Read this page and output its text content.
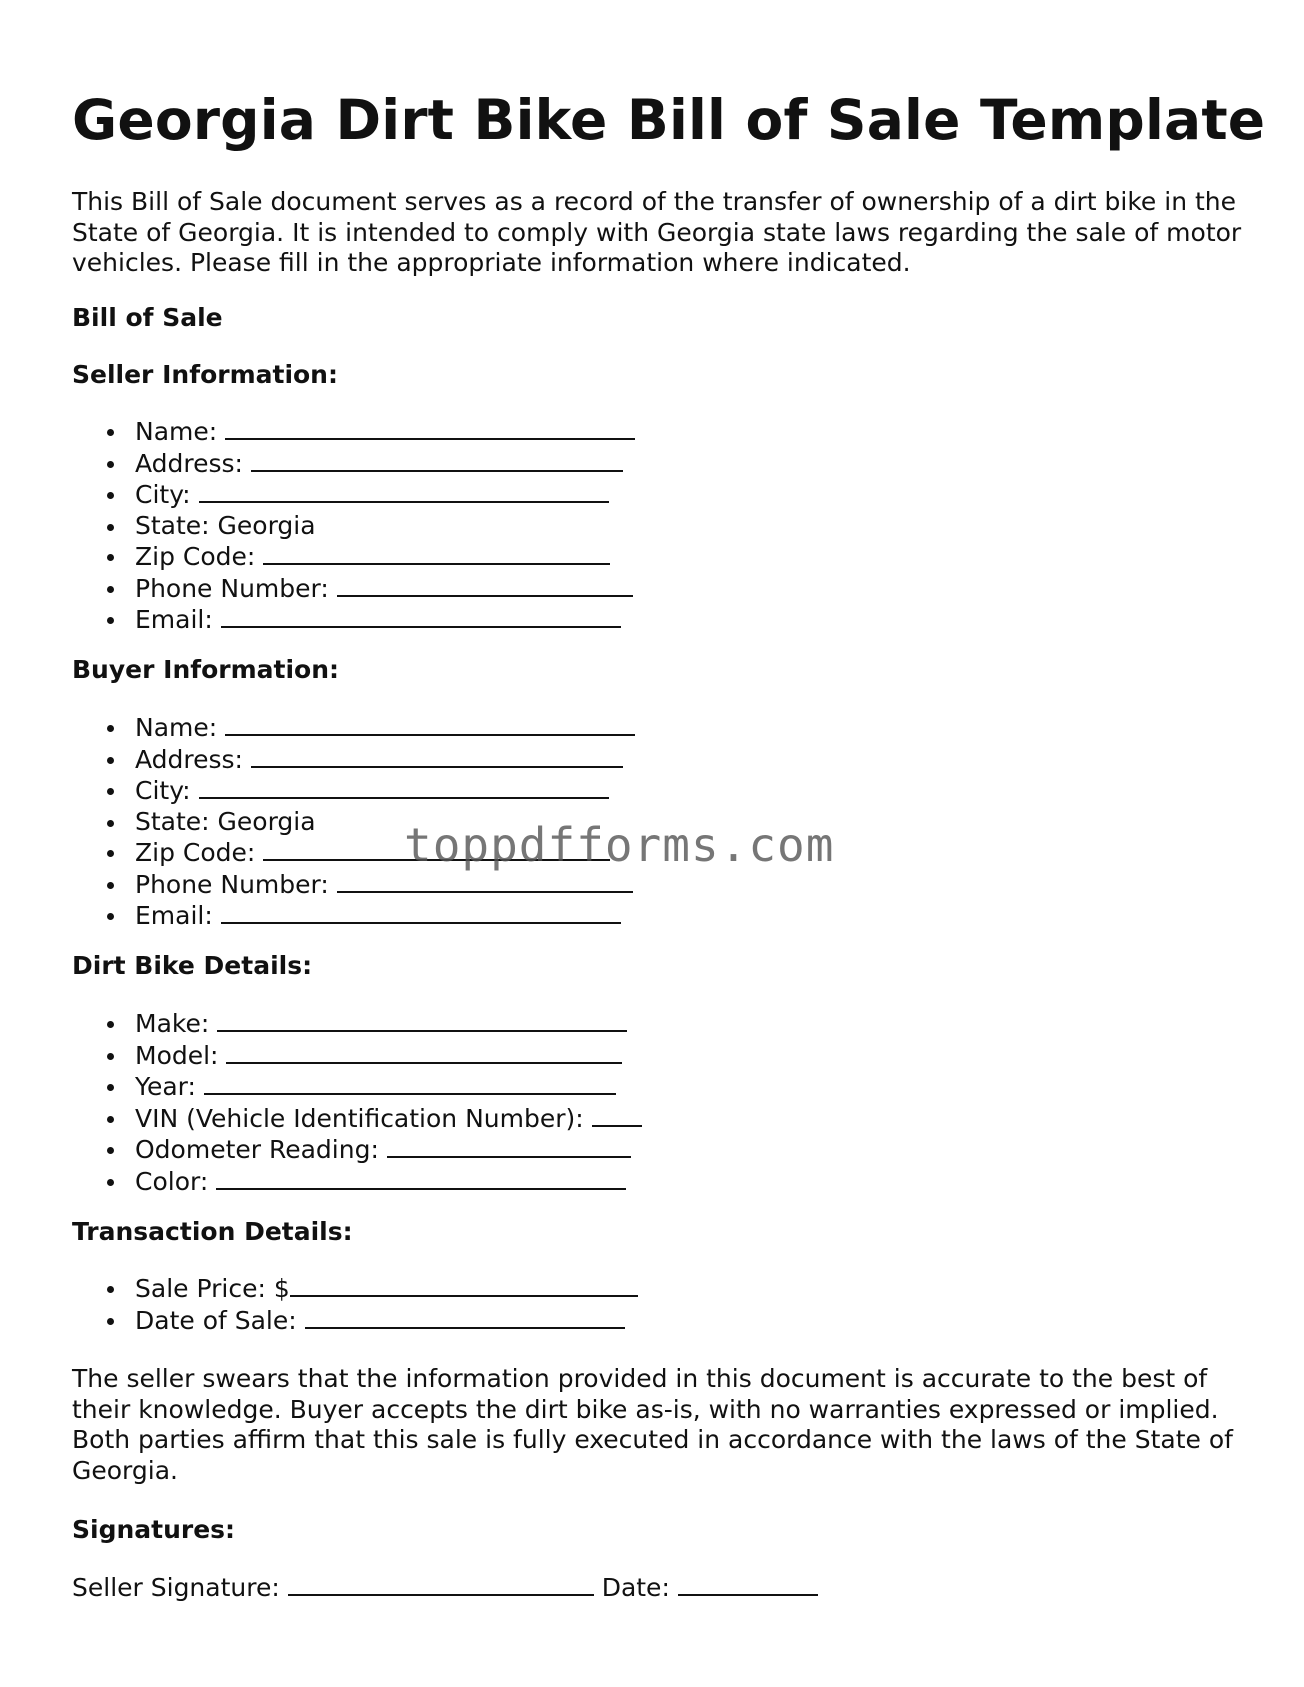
Georgia Dirt Bike Bill of Sale Template

This Bill of Sale document serves as a record of the transfer of ownership of a dirt bike in the State of Georgia. It is intended to comply with Georgia state laws regarding the sale of motor vehicles. Please fill in the appropriate information where indicated.

Bill of Sale
Seller Information:
Name:
Address:
City:
State: Georgia
Zip Code:
Phone Number:
Email:
Buyer Information:
Name:
Address:
City:
State: Georgia
Zip Code:
Phone Number:
Email:
Dirt Bike Details:
Make:
Model:
Year:
VIN (Vehicle Identification Number):
Odometer Reading:
Color:
Transaction Details:
Sale Price: $
Date of Sale:

The seller swears that the information provided in this document is accurate to the best of their knowledge. Buyer accepts the dirt bike as-is, with no warranties expressed or implied. Both parties affirm that this sale is fully executed in accordance with the laws of the State of Georgia.

Signatures:
Seller Signature:	Date:
toppdfforms.com
